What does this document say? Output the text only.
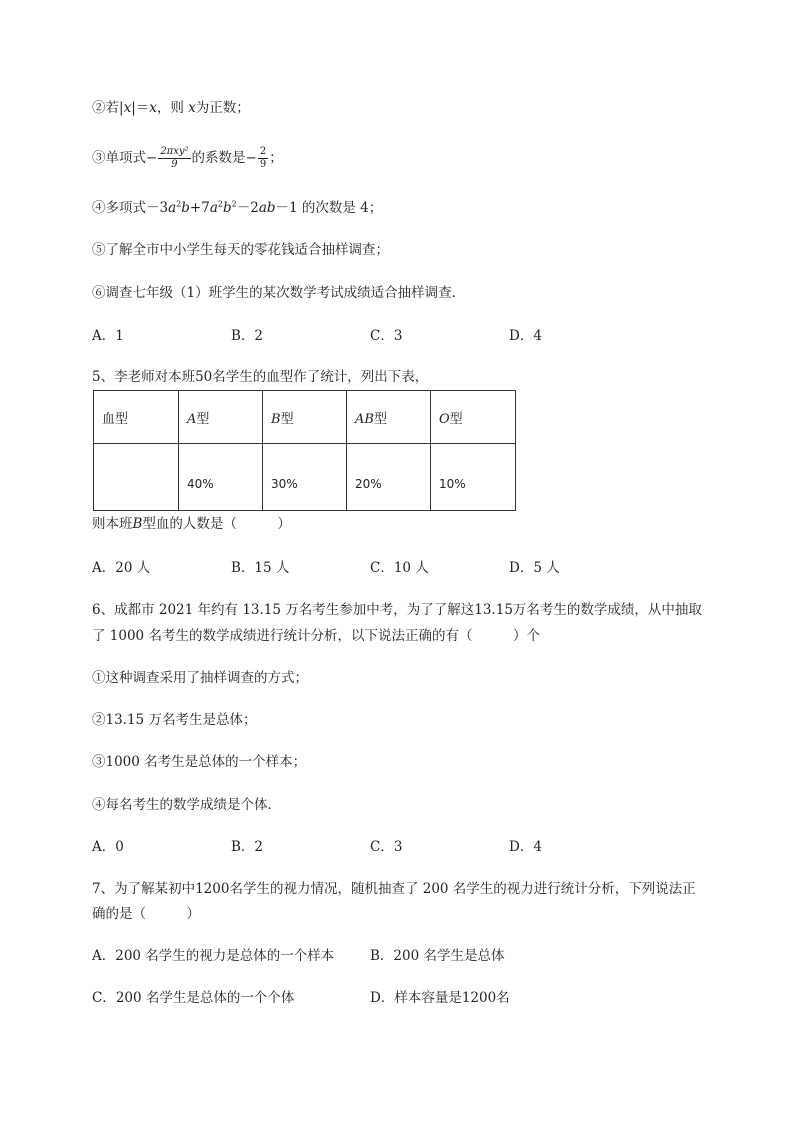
②若|x|＝x，则 x为正数；
③单项式− $\frac{\text{2πxy²}}{9}$ 的系数是− $\frac{2}{9}$ ；
④多项式$-3a^2b+7a^2b^2-2ab-1$ 的次数是 4；
⑤了解全市中小学生每天的零花钱适合抽样调查；
⑥调查七年级（1）班学生的某次数学考试成绩适合抽样调查．
A．1	B．2	C．3	D．4
5、李老师对本班50名学生的血型作了统计，列出下表，
血型	A型	B型	AB型	O型
	40%	30%	20%	10%
则本班B型血的人数是（　　　）
A．20 人	B．15 人	C．10 人	D．5 人
6、成都市 2021 年约有 13.15 万名考生参加中考，为了了解这13.15万名考生的数学成绩，从中抽取
了 1000 名考生的数学成绩进行统计分析，以下说法正确的有（　　　）个
①这种调查采用了抽样调查的方式；
②13.15 万名考生是总体；
③1000 名考生是总体的一个样本；
④每名考生的数学成绩是个体．
A．0	B．2	C．3	D．4
7、为了解某初中1200名学生的视力情况，随机抽查了 200 名学生的视力进行统计分析，下列说法正
确的是（　　　）
A．200 名学生的视力是总体的一个样本	B．200 名学生是总体
C．200 名学生是总体的一个个体	D．样本容量是1200名
